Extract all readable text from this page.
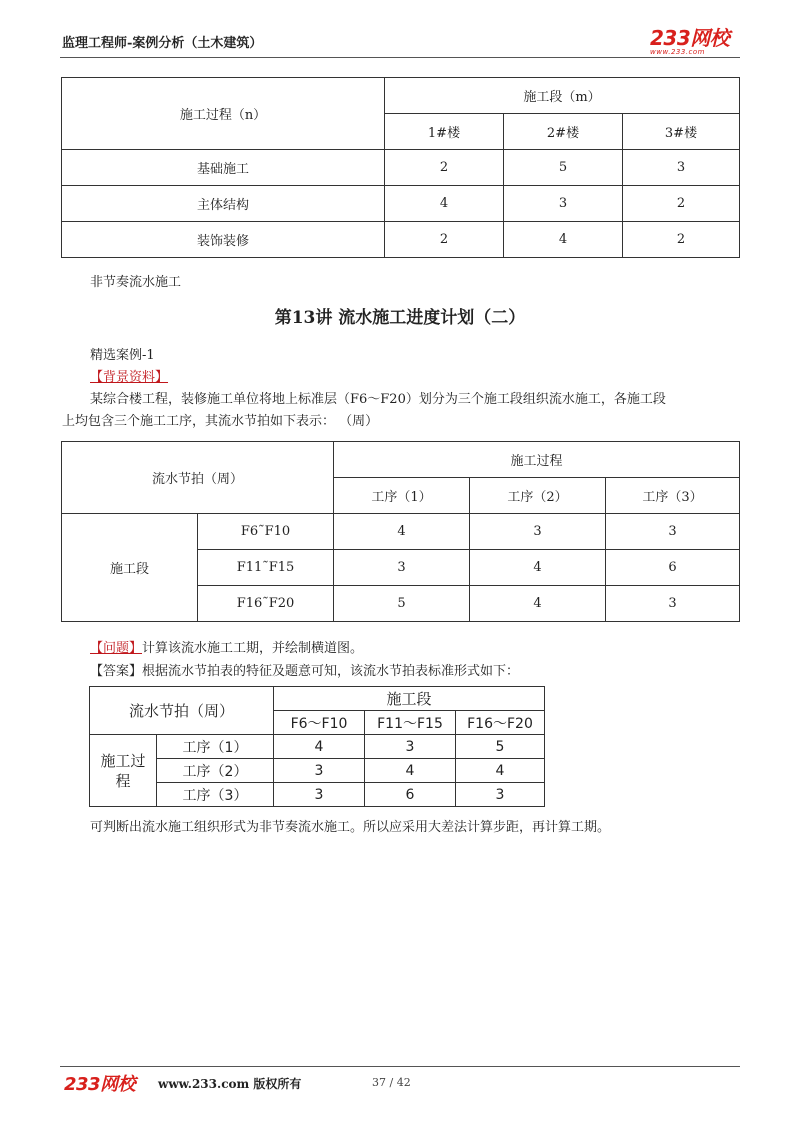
监理工程师-案例分析（土木建筑）	233网校
www.233.com
施工过程（n）	施工段（m）		
	1#楼	2#楼	3#楼
基础施工	2	5	3
主体结构	4	3	2
装饰装修	2	4	2
非节奏流水施工
第13讲 流水施工进度计划（二）
精选案例-1
【背景资料】
某综合楼工程，装修施工单位将地上标准层（F6～F20）划分为三个施工段组织流水施工，各施工段
上均包含三个施工工序，其流水节拍如下表示： （周）
流水节拍（周）		施工过程		
		工序（1）	工序（2）	工序（3）
施工段	F6˜F10	4	3	3
	F11˜F15	3	4	6
	F16˜F20	5	4	3
【问题】计算该流水施工工期，并绘制横道图。
【答案】根据流水节拍表的特征及题意可知，该流水节拍表标准形式如下：
流水节拍（周）		施工段		
		F6～F10	F11～F15	F16～F20
施工过程	工序（1）	4	3	5
	工序（2）	3	4	4
	工序（3）	3	6	3
可判断出流水施工组织形式为非节奏流水施工。所以应采用大差法计算步距，再计算工期。
233网校 www.233.com 版权所有	37 / 42
